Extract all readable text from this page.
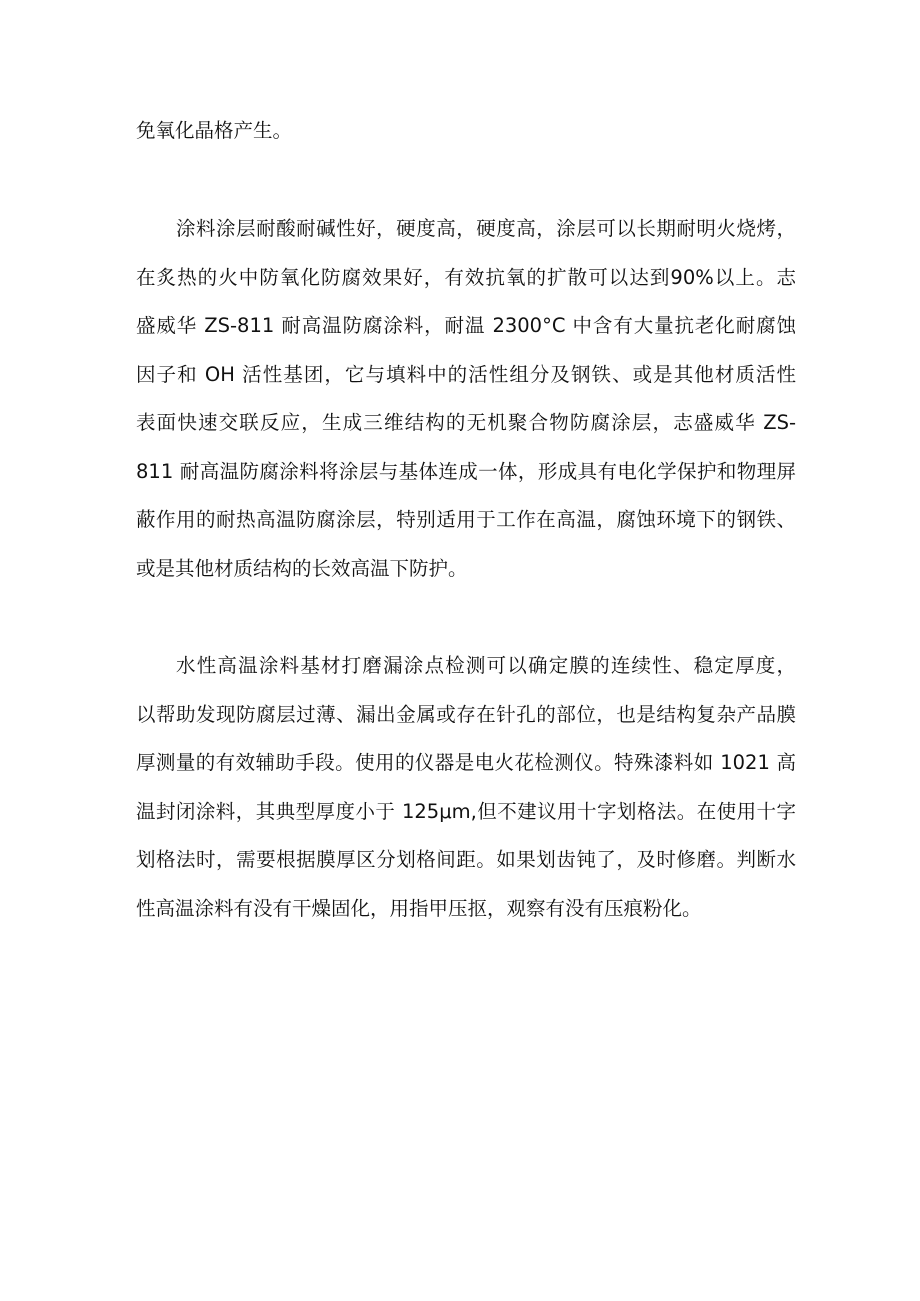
免氧化晶格产生。
涂料涂层耐酸耐碱性好，硬度高，硬度高，涂层可以长期耐明火烧烤，
在炙热的火中防氧化防腐效果好，有效抗氧的扩散可以达到90%以上。志
盛威华 ZS-811 耐高温防腐涂料，耐温 2300°C 中含有大量抗老化耐腐蚀
因子和 OH 活性基团，它与填料中的活性组分及钢铁、或是其他材质活性
表面快速交联反应，生成三维结构的无机聚合物防腐涂层，志盛威华 ZS-
811 耐高温防腐涂料将涂层与基体连成一体，形成具有电化学保护和物理屏
蔽作用的耐热高温防腐涂层，特别适用于工作在高温，腐蚀环境下的钢铁、
或是其他材质结构的长效高温下防护。
水性高温涂料基材打磨漏涂点检测可以确定膜的连续性、稳定厚度，
以帮助发现防腐层过薄、漏出金属或存在针孔的部位，也是结构复杂产品膜
厚测量的有效辅助手段。使用的仪器是电火花检测仪。特殊漆料如 1021 高
温封闭涂料，其典型厚度小于 125μm,但不建议用十字划格法。在使用十字
划格法时，需要根据膜厚区分划格间距。如果划齿钝了，及时修磨。判断水
性高温涂料有没有干燥固化，用指甲压抠，观察有没有压痕粉化。
